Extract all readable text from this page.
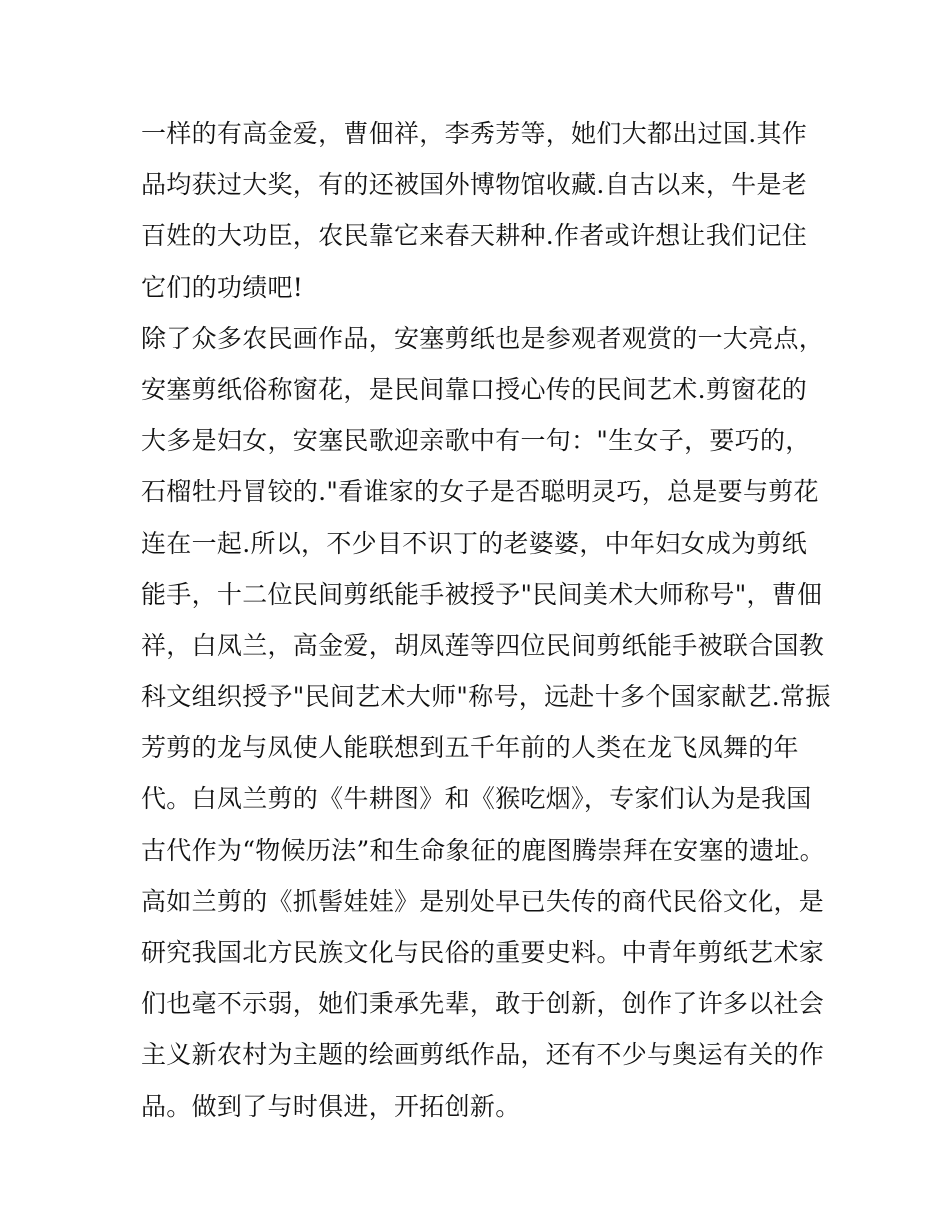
一样的有高金爱，曹佃祥，李秀芳等，她们大都出过国.其作
品均获过大奖，有的还被国外博物馆收藏.自古以来，牛是老
百姓的大功臣，农民靠它来春天耕种.作者或许想让我们记住
它们的功绩吧!
除了众多农民画作品，安塞剪纸也是参观者观赏的一大亮点，
安塞剪纸俗称窗花，是民间靠口授心传的民间艺术.剪窗花的
大多是妇女，安塞民歌迎亲歌中有一句："生女子，要巧的，
石榴牡丹冒铰的."看谁家的女子是否聪明灵巧，总是要与剪花
连在一起.所以，不少目不识丁的老婆婆，中年妇女成为剪纸
能手，十二位民间剪纸能手被授予"民间美术大师称号"，曹佃
祥，白凤兰，高金爱，胡凤莲等四位民间剪纸能手被联合国教
科文组织授予"民间艺术大师"称号，远赴十多个国家献艺.常振
芳剪的龙与凤使人能联想到五千年前的人类在龙飞凤舞的年
代。白凤兰剪的《牛耕图》和《猴吃烟》，专家们认为是我国
古代作为“物候历法”和生命象征的鹿图腾崇拜在安塞的遗址。
高如兰剪的《抓髻娃娃》是别处早已失传的商代民俗文化，是
研究我国北方民族文化与民俗的重要史料。中青年剪纸艺术家
们也毫不示弱，她们秉承先辈，敢于创新，创作了许多以社会
主义新农村为主题的绘画剪纸作品，还有不少与奥运有关的作
品。做到了与时俱进，开拓创新。
